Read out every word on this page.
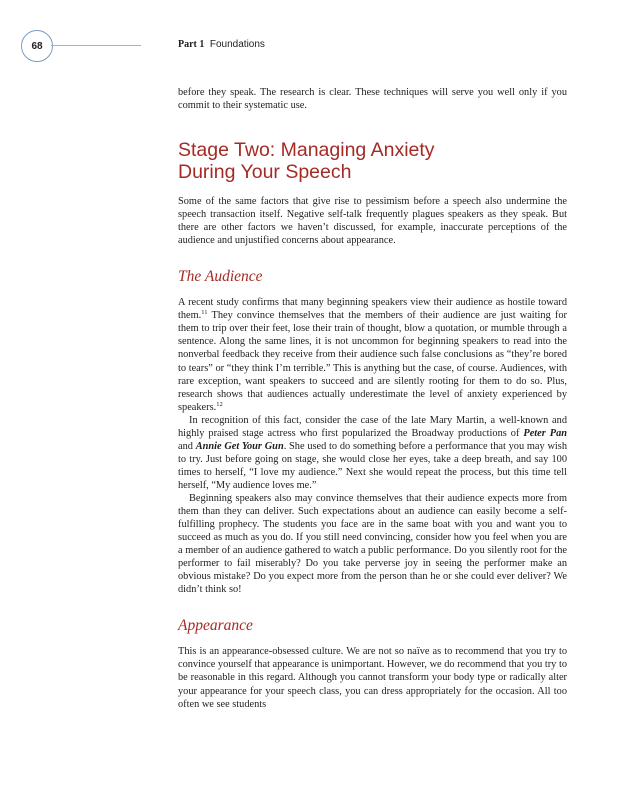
68	Part 1 Foundations

before they speak. The research is clear. These techniques will serve you well only if you commit to their systematic use.

Stage Two: Managing Anxiety
During Your Speech

Some of the same factors that give rise to pessimism before a speech also undermine the speech transaction itself. Negative self-talk frequently plagues speakers as they speak. But there are other factors we haven’t discussed, for example, inaccurate perceptions of the audience and unjustified concerns about appearance.

The Audience

A recent study confirms that many beginning speakers view their audience as hostile toward them.$^{11}$ They convince themselves that the members of their audience are just waiting for them to trip over their feet, lose their train of thought, blow a quotation, or mumble through a sentence. Along the same lines, it is not uncommon for beginning speakers to read into the nonverbal feedback they receive from their audience such false conclusions as “they’re bored to tears” or “they think I’m terrible.” This is anything but the case, of course. Audiences, with rare exception, want speakers to succeed and are silently rooting for them to do so. Plus, research shows that audiences actually underestimate the level of anxiety experienced by speakers.$^{12}$

In recognition of this fact, consider the case of the late Mary Martin, a well-known and highly praised stage actress who first popularized the Broadway productions of Peter Pan and Annie Get Your Gun. She used to do something before a performance that you may wish to try. Just before going on stage, she would close her eyes, take a deep breath, and say 100 times to herself, “I love my audience.” Next she would repeat the process, but this time tell herself, “My audience loves me.”

Beginning speakers also may convince themselves that their audience expects more from them than they can deliver. Such expectations about an audience can easily become a self-fulfilling prophecy. The students you face are in the same boat with you and want you to succeed as much as you do. If you still need convincing, consider how you feel when you are a member of an audience gathered to watch a public performance. Do you silently root for the performer to fail miserably? Do you take perverse joy in seeing the performer make an obvious mistake? Do you expect more from the person than he or she could ever deliver? We didn’t think so!

Appearance

This is an appearance-obsessed culture. We are not so naïve as to recommend that you try to convince yourself that appearance is unimportant. However, we do recommend that you try to be reasonable in this regard. Although you cannot transform your body type or radically alter your appearance for your speech class, you can dress appropriately for the occasion. All too often we see students
